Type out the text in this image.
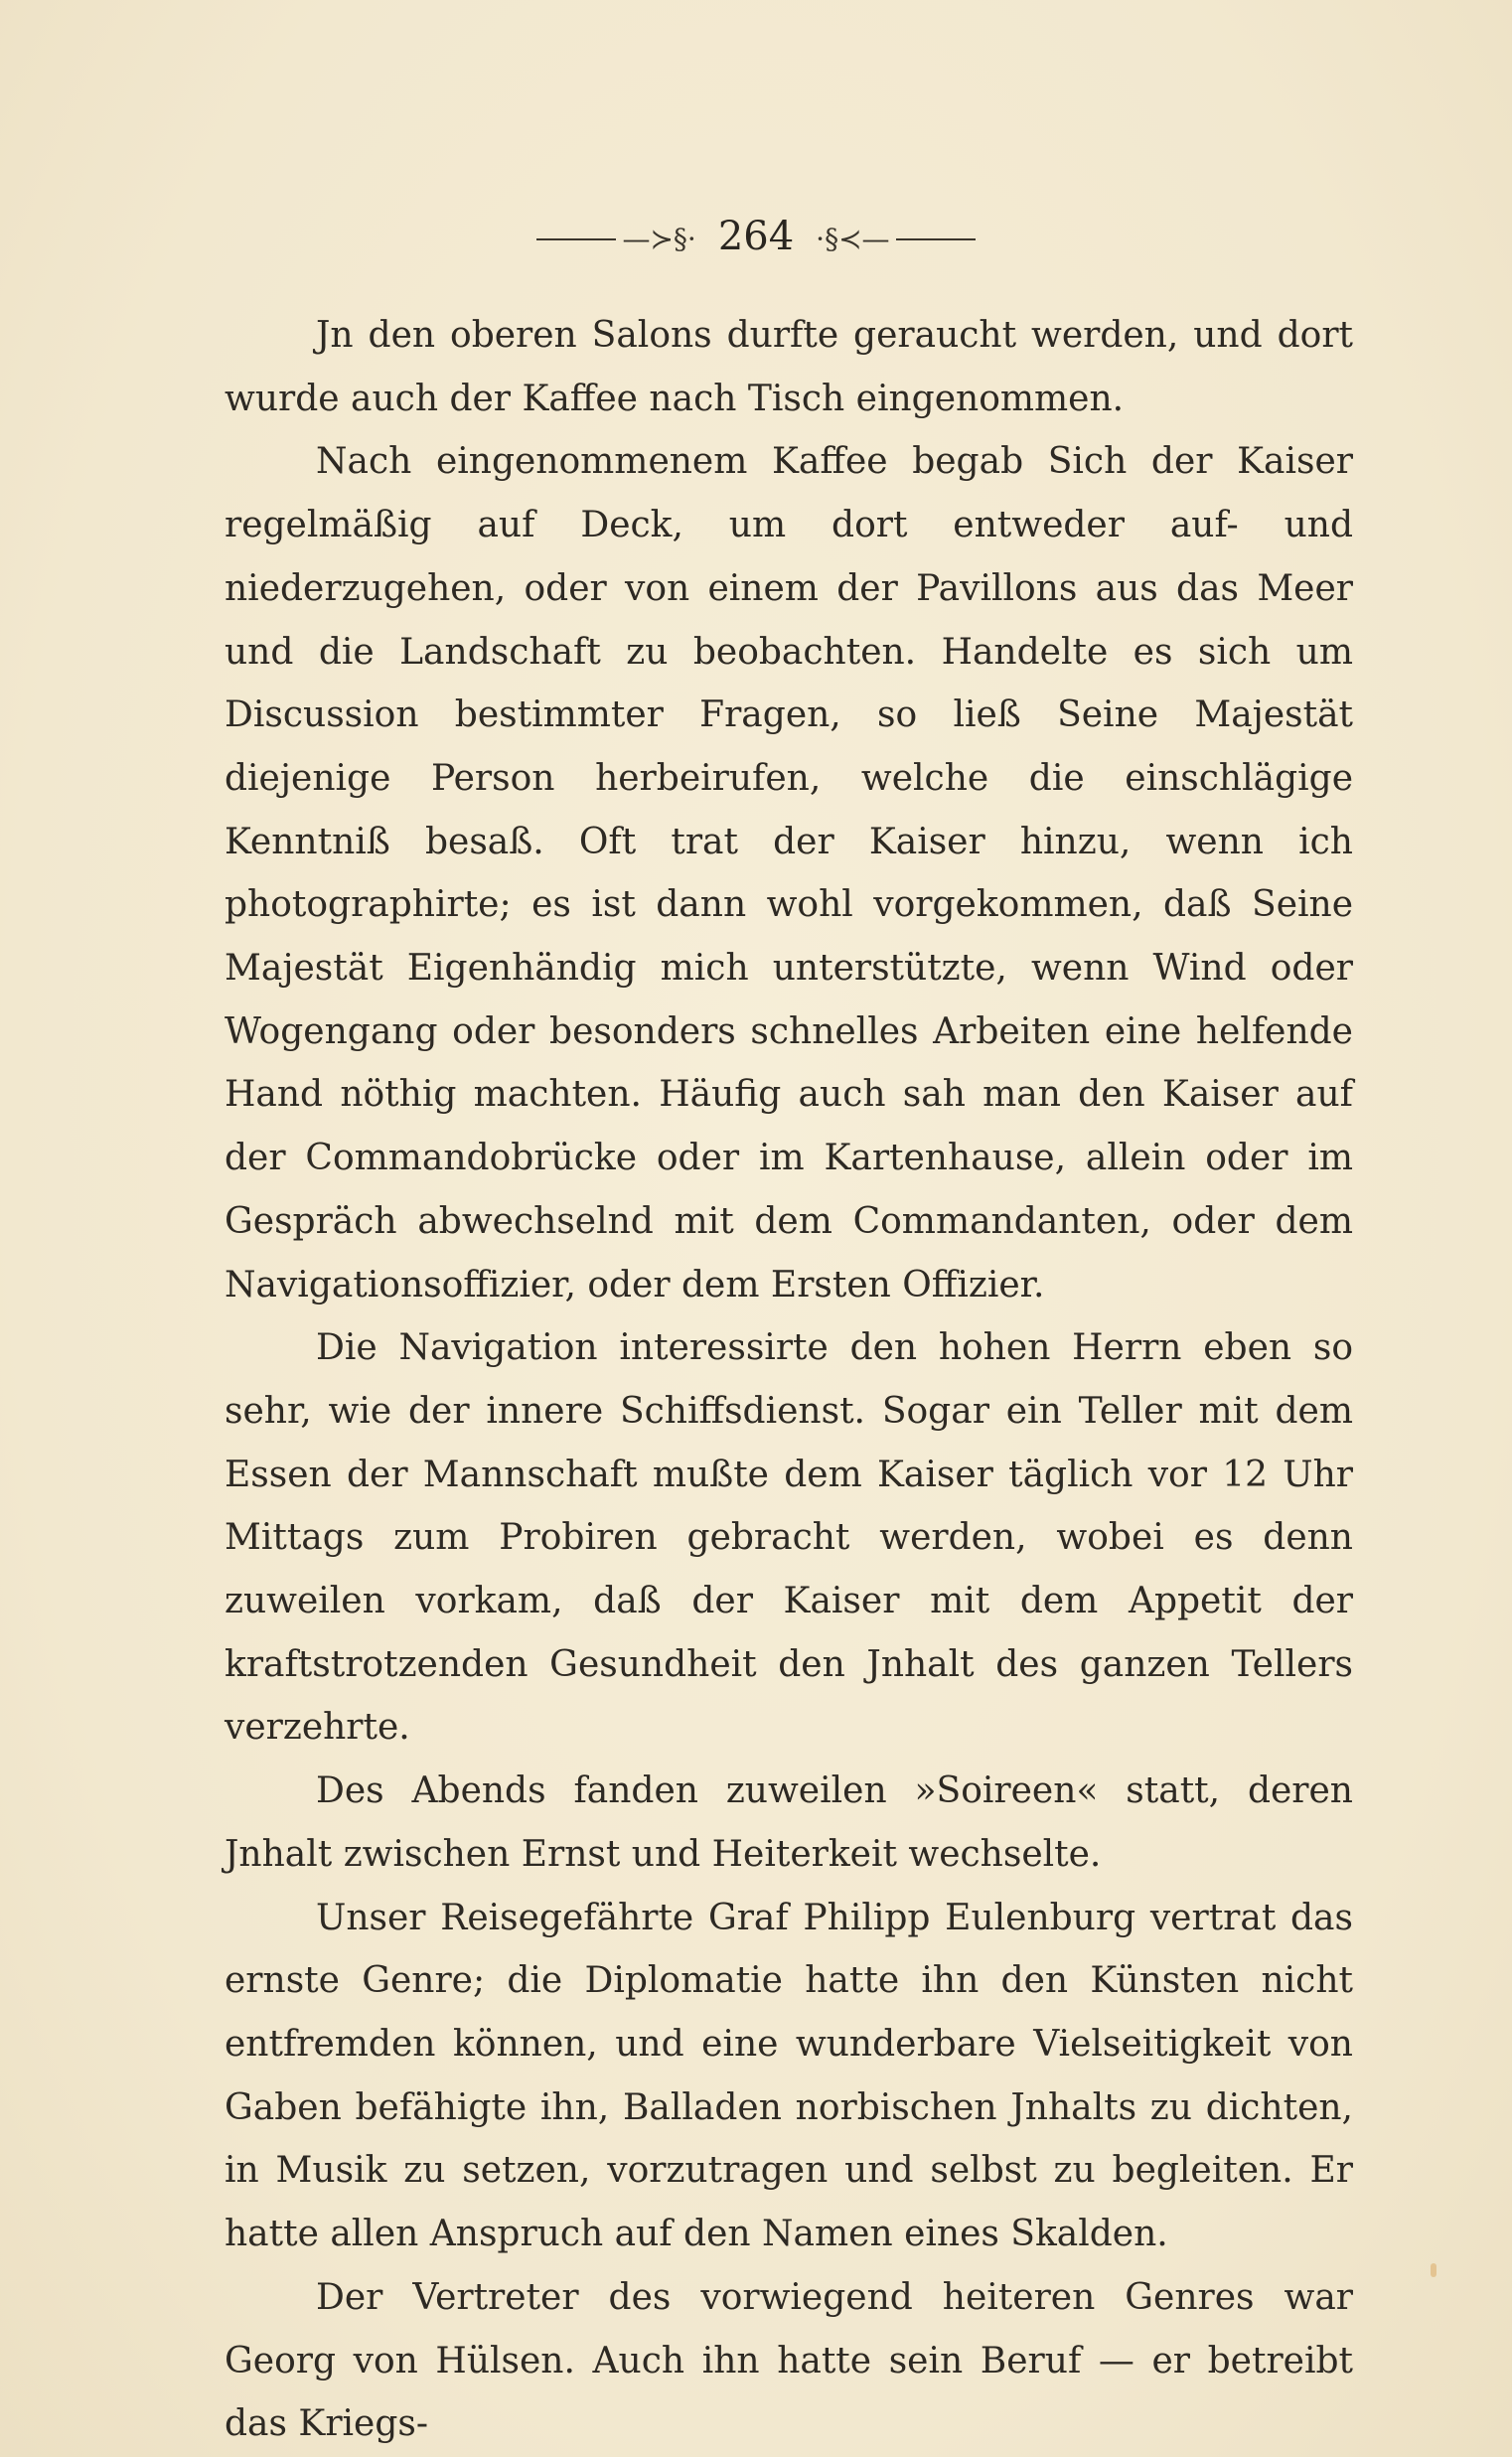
—≻§· 264 ·§≺—

Jn den oberen Salons durfte geraucht werden, und dort wurde auch der Kaffee nach Tisch eingenommen.

Nach eingenommenem Kaffee begab Sich der Kaiser regelmäßig auf Deck, um dort entweder auf- und niederzugehen, oder von einem der Pavillons aus das Meer und die Landschaft zu beobachten. Handelte es sich um Discussion bestimmter Fragen, so ließ Seine Majestät diejenige Person herbeirufen, welche die einschlägige Kenntniß besaß. Oft trat der Kaiser hinzu, wenn ich photographirte; es ist dann wohl vorgekommen, daß Seine Majestät Eigenhändig mich unterstützte, wenn Wind oder Wogengang oder besonders schnelles Arbeiten eine helfende Hand nöthig machten. Häufig auch sah man den Kaiser auf der Commandobrücke oder im Kartenhause, allein oder im Gespräch abwechselnd mit dem Commandanten, oder dem Navigationsoffizier, oder dem Ersten Offizier.

Die Navigation interessirte den hohen Herrn eben so sehr, wie der innere Schiffsdienst. Sogar ein Teller mit dem Essen der Mannschaft mußte dem Kaiser täglich vor 12 Uhr Mittags zum Probiren gebracht werden, wobei es denn zuweilen vorkam, daß der Kaiser mit dem Appetit der kraftstrotzenden Gesundheit den Jnhalt des ganzen Tellers verzehrte.

Des Abends fanden zuweilen »Soireen« statt, deren Jnhalt zwischen Ernst und Heiterkeit wechselte.

Unser Reisegefährte Graf Philipp Eulenburg vertrat das ernste Genre; die Diplomatie hatte ihn den Künsten nicht entfremden können, und eine wunderbare Vielseitigkeit von Gaben befähigte ihn, Balladen norbischen Jnhalts zu dichten, in Musik zu setzen, vorzutragen und selbst zu begleiten. Er hatte allen Anspruch auf den Namen eines Skalden.

Der Vertreter des vorwiegend heiteren Genres war Georg von Hülsen. Auch ihn hatte sein Beruf — er betreibt das Kriegs-
